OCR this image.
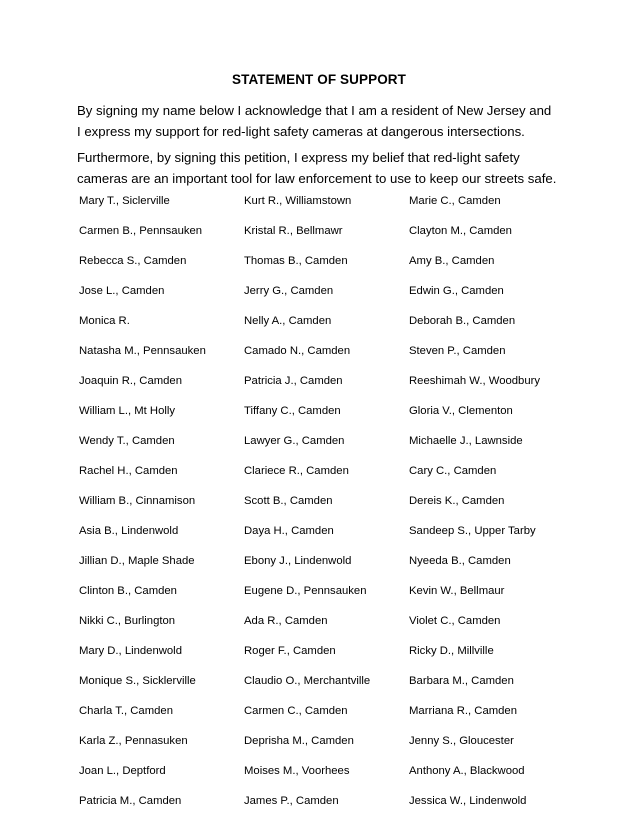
STATEMENT OF SUPPORT
By signing my name below I acknowledge that I am a resident of New Jersey and I express my support for red-light safety cameras at dangerous intersections.
Furthermore, by signing this petition, I express my belief that red-light safety cameras are an important tool for law enforcement to use to keep our streets safe.
Mary T., Siclerville	Kurt R., Williamstown	Marie C., Camden
Carmen B., Pennsauken	Kristal R., Bellmawr	Clayton M., Camden
Rebecca S., Camden	Thomas B., Camden	Amy B., Camden
Jose L., Camden	Jerry G., Camden	Edwin G., Camden
Monica R.	Nelly A., Camden	Deborah B., Camden
Natasha M., Pennsauken	Camado N., Camden	Steven P., Camden
Joaquin R., Camden	Patricia J., Camden	Reeshimah W., Woodbury
William L., Mt Holly	Tiffany C., Camden	Gloria V., Clementon
Wendy T., Camden	Lawyer G., Camden	Michaelle J., Lawnside
Rachel H., Camden	Clariece R., Camden	Cary C., Camden
William B., Cinnamison	Scott B., Camden	Dereis K., Camden
Asia B., Lindenwold	Daya H., Camden	Sandeep S., Upper Tarby
Jillian D., Maple Shade	Ebony J., Lindenwold	Nyeeda B., Camden
Clinton B., Camden	Eugene D., Pennsauken	Kevin W., Bellmaur
Nikki C., Burlington	Ada R., Camden	Violet C., Camden
Mary D., Lindenwold	Roger F., Camden	Ricky D., Millville
Monique S., Sicklerville	Claudio O., Merchantville	Barbara M., Camden
Charla T., Camden	Carmen C., Camden	Marriana R., Camden
Karla Z., Pennasuken	Deprisha M., Camden	Jenny S., Gloucester
Joan L., Deptford	Moises M., Voorhees	Anthony A., Blackwood
Patricia M., Camden	James P., Camden	Jessica W., Lindenwold
